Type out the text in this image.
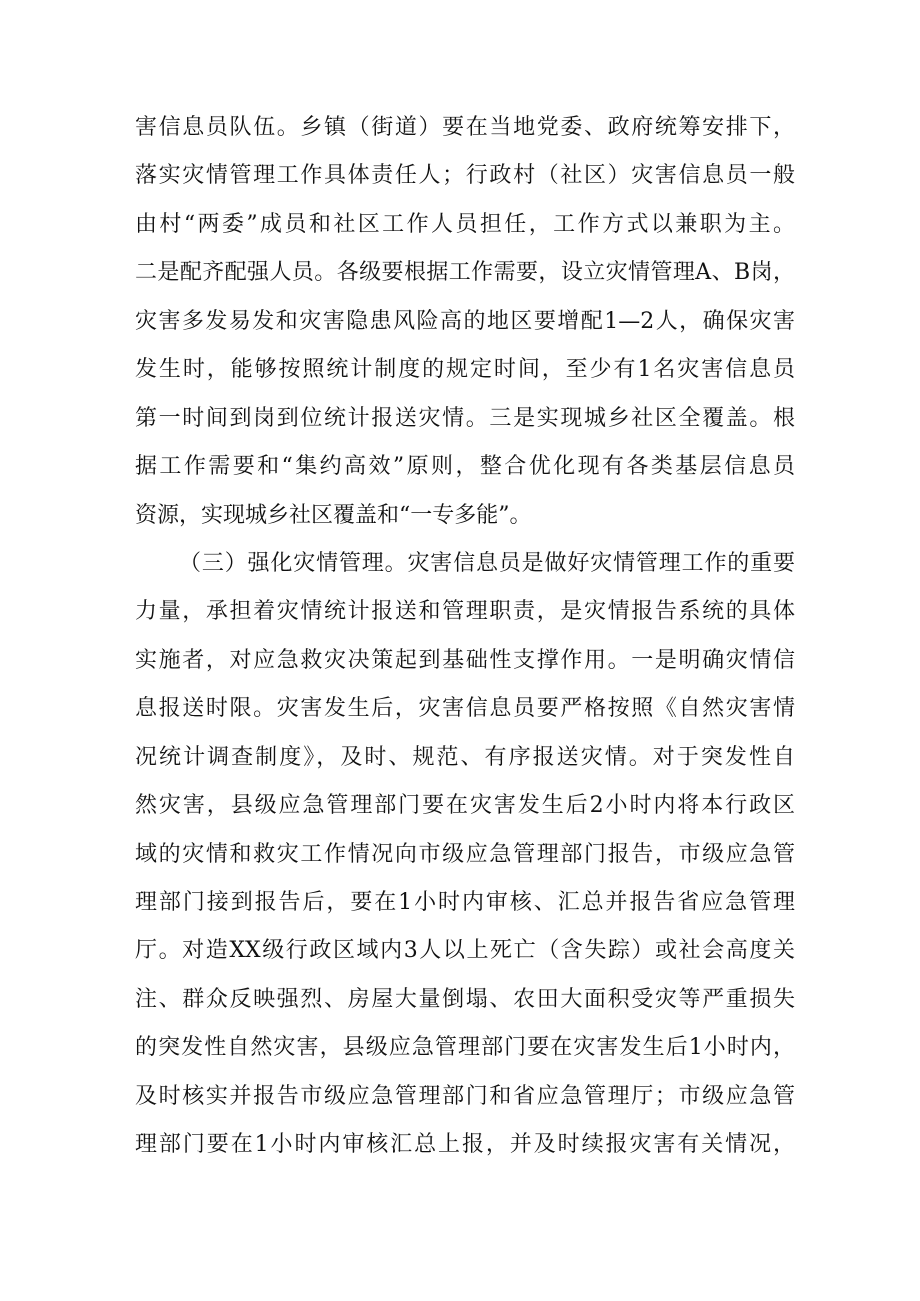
害信息员队伍。乡镇（街道）要在当地党委、政府统筹安排下，
落实灾情管理工作具体责任人；行政村（社区）灾害信息员一般
由村“两委”成员和社区工作人员担任，工作方式以兼职为主。
二是配齐配强人员。各级要根据工作需要，设立灾情管理A、B岗，
灾害多发易发和灾害隐患风险高的地区要增配1—2人，确保灾害
发生时，能够按照统计制度的规定时间，至少有1名灾害信息员
第一时间到岗到位统计报送灾情。三是实现城乡社区全覆盖。根
据工作需要和“集约高效”原则，整合优化现有各类基层信息员
资源，实现城乡社区覆盖和“一专多能”。
（三）强化灾情管理。灾害信息员是做好灾情管理工作的重要
力量，承担着灾情统计报送和管理职责，是灾情报告系统的具体
实施者，对应急救灾决策起到基础性支撑作用。一是明确灾情信
息报送时限。灾害发生后，灾害信息员要严格按照《自然灾害情
况统计调查制度》，及时、规范、有序报送灾情。对于突发性自
然灾害，县级应急管理部门要在灾害发生后2小时内将本行政区
域的灾情和救灾工作情况向市级应急管理部门报告，市级应急管
理部门接到报告后，要在1小时内审核、汇总并报告省应急管理
厅。对造XX级行政区域内3人以上死亡（含失踪）或社会高度关
注、群众反映强烈、房屋大量倒塌、农田大面积受灾等严重损失
的突发性自然灾害，县级应急管理部门要在灾害发生后1小时内，
及时核实并报告市级应急管理部门和省应急管理厅；市级应急管
理部门要在1小时内审核汇总上报，并及时续报灾害有关情况，
